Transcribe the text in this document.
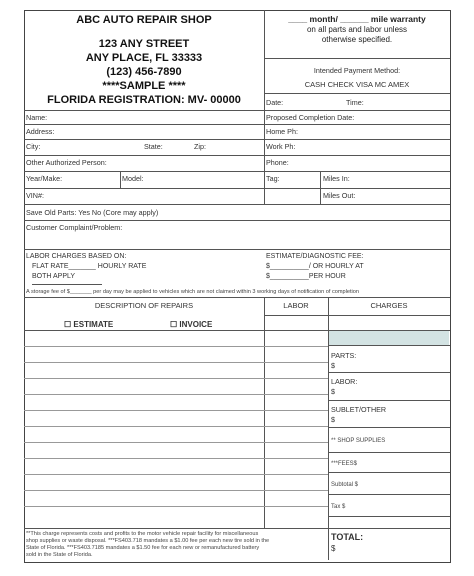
ABC AUTO REPAIR SHOP
123 ANY STREET
ANY PLACE, FL 33333
(123) 456-7890
****SAMPLE ****
FLORIDA REGISTRATION: MV- 00000
____ month/ ______ mile warranty
on all parts and labor unless
otherwise specified.
Intended Payment Method:
CASH CHECK VISA MC AMEX
Date:	Time:
Name:	Proposed Completion Date:
Address:	Home Ph:
City:	State:	Zip:	Work Ph:
Other Authorized Person:	Phone:
Year/Make:	Model:	Tag:	Miles In:
VIN#:	Miles Out:
Save Old Parts: Yes No (Core may apply)
Customer Complaint/Problem:
LABOR CHARGES BASED ON:
FLAT RATE_______ HOURLY RATE
BOTH APPLY
ESTIMATE/DIAGNOSTIC FEE:
$__________/ OR HOURLY AT
$__________PER HOUR
A storage fee of $_______ per day may be applied to vehicles which are not claimed within 3 working days of notification of completion
DESCRIPTION OF REPAIRS	LABOR	CHARGES
☐ ESTIMATE	☐ INVOICE
PARTS:
$
LABOR:
$
SUBLET/OTHER
$
** SHOP SUPPLIES
***FEES$
Subtotal $
Tax $
TOTAL:
$
**This charge represents costs and profits to the motor vehicle repair facility for miscellaneous
shop supplies or waste disposal. ***FS403.718 mandates a $1.00 fee per each new tire sold in the
State of Florida. ***FS403.7185 mandates a $1.50 fee for each new or remanufactured battery
sold in the State of Florida.
